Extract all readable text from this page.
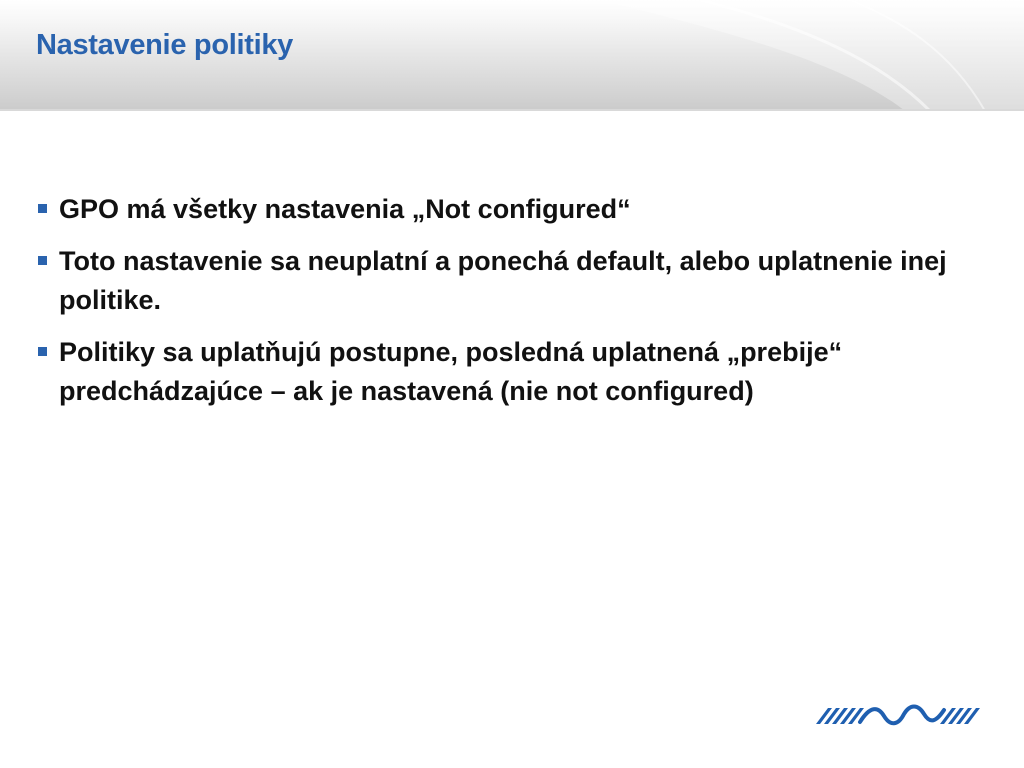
Nastavenie politiky
GPO má všetky nastavenia „Not configured“
Toto nastavenie sa neuplatní a ponechá default, alebo uplatnenie inej politike.
Politiky sa uplatňujú postupne, posledná uplatnená „prebije“ predchádzajúce – ak je nastavená (nie not configured)
